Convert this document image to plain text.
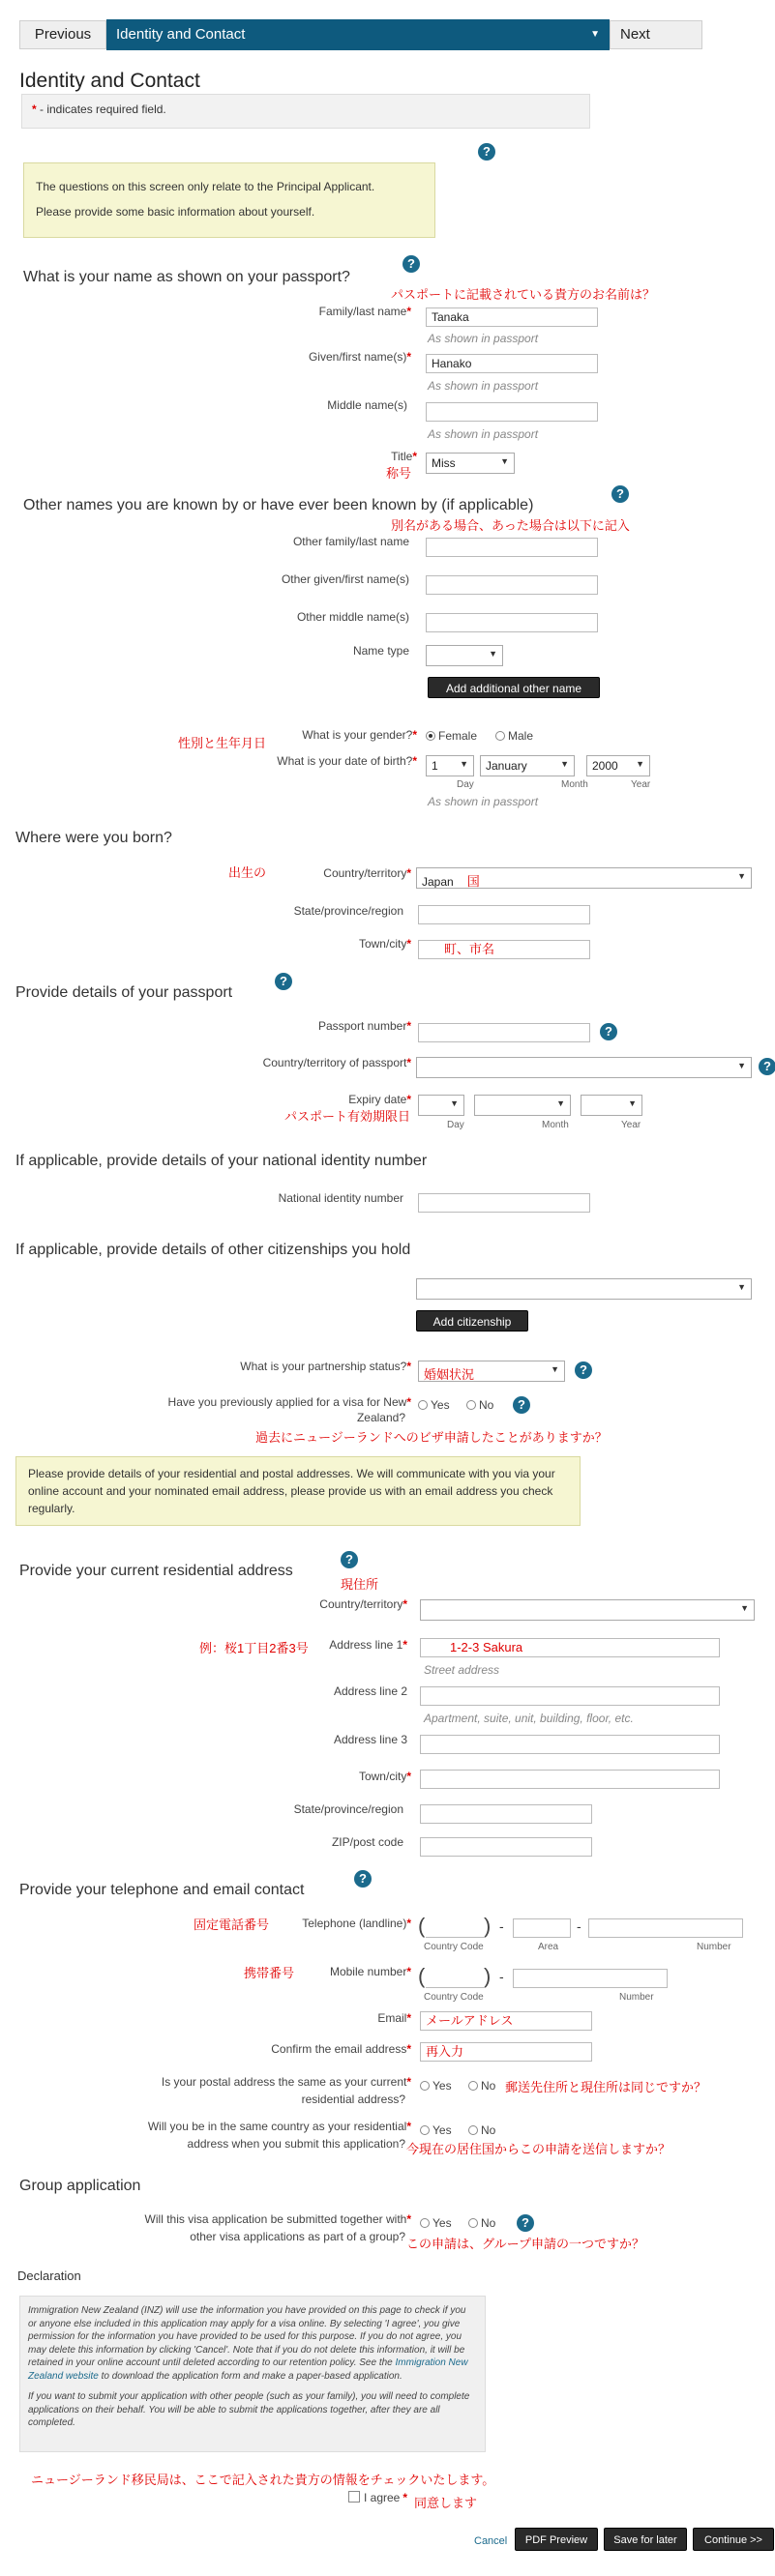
Previous	Identity and Contact	▼	Next
Identity and Contact
* - indicates required field.
?
The questions on this screen only relate to the Principal Applicant.
Please provide some basic information about yourself.
What is your name as shown on your passport?
?
パスポートに記載されている貴方のお名前は？
Family/last name*	Tanaka
As shown in passport
Given/first name(s)*	Hanako
As shown in passport
Middle name(s)
As shown in passport
Title*
称号
Miss	▼
Other names you are known by or have ever been known by (if applicable)
?
別名がある場合、あった場合は以下に記入
Other family/last name
Other given/first name(s)
Other middle name(s)
Name type	▼
Add additional other name
性別と生年月日
What is your gender?*	Female	Male
What is your date of birth?*	1 ▼	January	▼	2000 ▼
Day	Month	Year
As shown in passport
Where were you born?
出生の	Country/territory*
Japan 国	▼
State/province/region
Town/city*	町、市名
Provide details of your passport
?
Passport number*	?
Country/territory of passport*	▼	?
Expiry date*
パスポート有効期限日
▼	▼	▼
Day	Month	Year
If applicable, provide details of your national identity number
National identity number
If applicable, provide details of other citizenships you hold
▼
Add citizenship
What is your partnership status?*
婚姻状況	▼	?
Have you previously applied for a visa for New*
Zealand?
Yes	No	?
過去にニュージーランドへのビザ申請したことがありますか？
Please provide details of your residential and postal addresses. We will communicate with you via your online account and your nominated email address, please provide us with an email address you check regularly.
Provide your current residential address
?
現住所
Country/territory*	▼
例：桜1丁目2番3号 Address line 1*	1-2-3 Sakura
Street address
Address line 2
Apartment, suite, unit, building, floor, etc.
Address line 3
Town/city*
State/province/region
ZIP/post code
Provide your telephone and email contact
?
固定電話番号	Telephone (landline)* (	) -	-
Country Code	Area	Number
携帯番号	Mobile number* (	) -
Country Code	Number
Email*	メールアドレス
Confirm the email address*	再入力
Is your postal address the same as your current*
residential address?
Yes	No 郵送先住所と現住所は同じですか？
Will you be in the same country as your residential*
address when you submit this application?
Yes	No
今現在の居住国からこの申請を送信しますか？
Group application
Will this visa application be submitted together with*
other visa applications as part of a group?
Yes	No	?
この申請は、グループ申請の一つですか？
Declaration
Immigration New Zealand (INZ) will use the information you have provided on this page to check if you or anyone else included in this application may apply for a visa online. By selecting 'I agree', you give permission for the information you have provided to be used for this purpose. If you do not agree, you may delete this information by clicking 'Cancel'. Note that if you do not delete this information, it will be retained in your online account until deleted according to our retention policy. See the Immigration New Zealand website to download the application form and make a paper-based application.
If you want to submit your application with other people (such as your family), you will need to complete applications on their behalf. You will be able to submit the applications together, after they are all completed.
ニュージーランド移民局は、ここで記入された貴方の情報をチェックいたします。
I agree * 同意します
Cancel	PDF Preview	Save for later	Continue >>
